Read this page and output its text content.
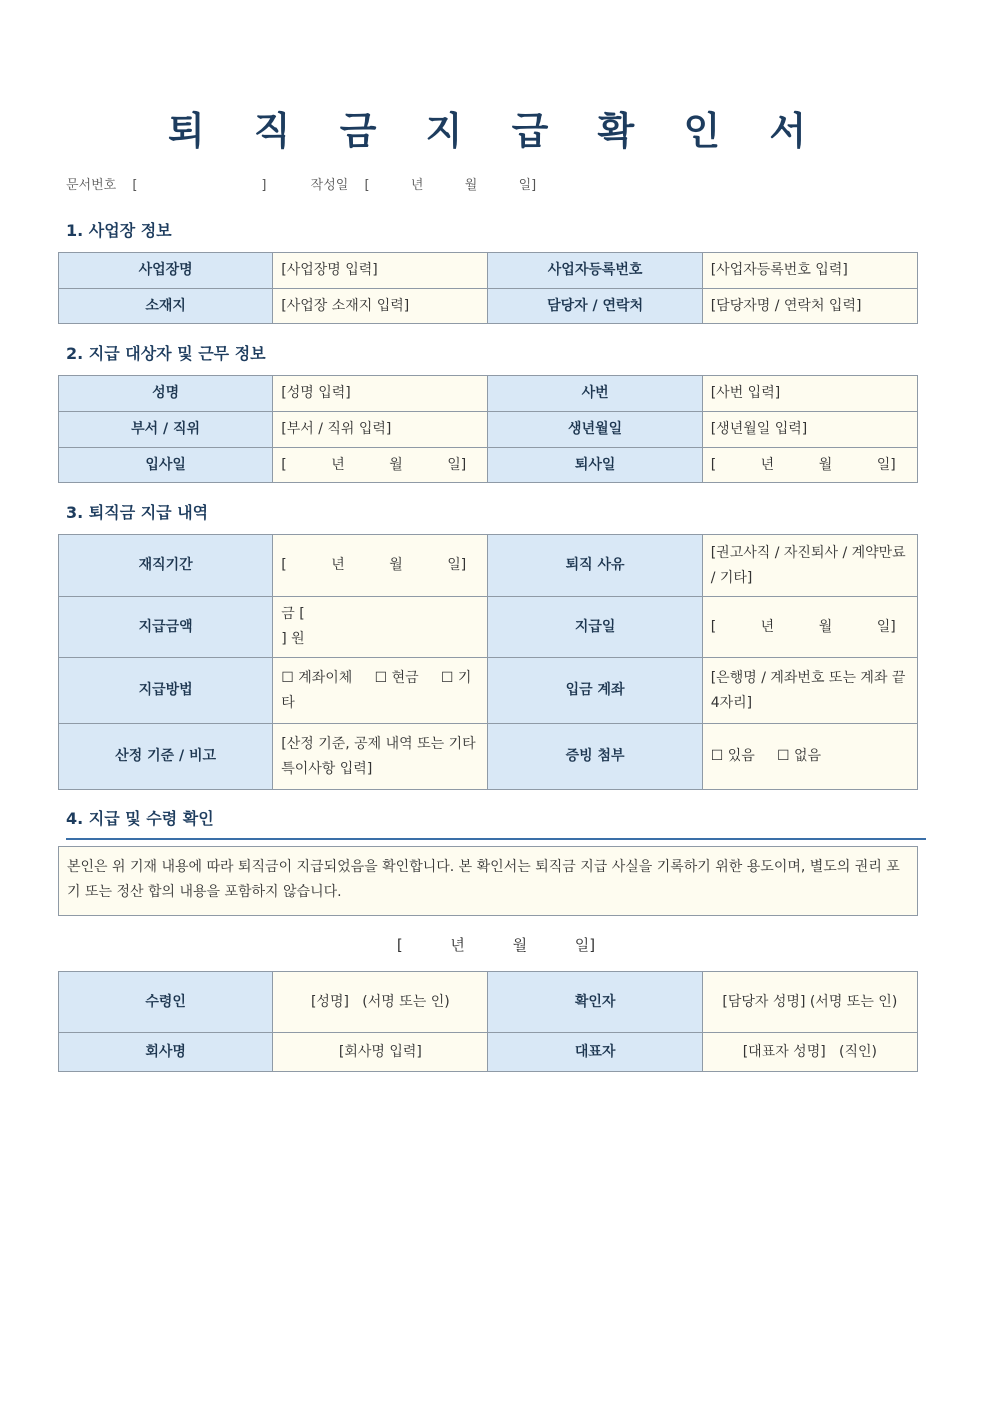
퇴 직 금 지 급 확 인 서
문서번호 [                              ]	작성일 [          년          월          일]
1. 사업장 정보
사업장명	[사업장명 입력]	사업자등록번호	[사업자등록번호 입력]
소재지	[사업장 소재지 입력]	담당자 / 연락처	[담당자명 / 연락처 입력]
2. 지급 대상자 및 근무 정보
성명	[성명 입력]	사번	[사번 입력]
부서 / 직위	[부서 / 직위 입력]	생년월일	[생년월일 입력]
입사일	[          년          월          일]	퇴사일	[          년          월          일]
3. 퇴직금 지급 내역
재직기간	[          년          월          일]	퇴직 사유	[권고사직 / 자진퇴사 / 계약만료 / 기타]
지급금액	금 [
] 원	지급일	[          년          월          일]
지급방법	☐ 계좌이체     ☐ 현금     ☐ 기타	입금 계좌	[은행명 / 계좌번호 또는 계좌 끝 4자리]
산정 기준 / 비고	[산정 기준, 공제 내역 또는 기타 특이사항 입력]	증빙 첨부	☐ 있음     ☐ 없음
4. 지급 및 수령 확인
본인은 위 기재 내용에 따라 퇴직금이 지급되었음을 확인합니다. 본 확인서는 퇴직금 지급 사실을 기록하기 위한 용도이며, 별도의 권리 포기 또는 정산 합의 내용을 포함하지 않습니다.
[          년          월          일]
수령인	[성명]   (서명 또는 인)	확인자	[담당자 성명] (서명 또는 인)
회사명	[회사명 입력]	대표자	[대표자 성명]   (직인)
